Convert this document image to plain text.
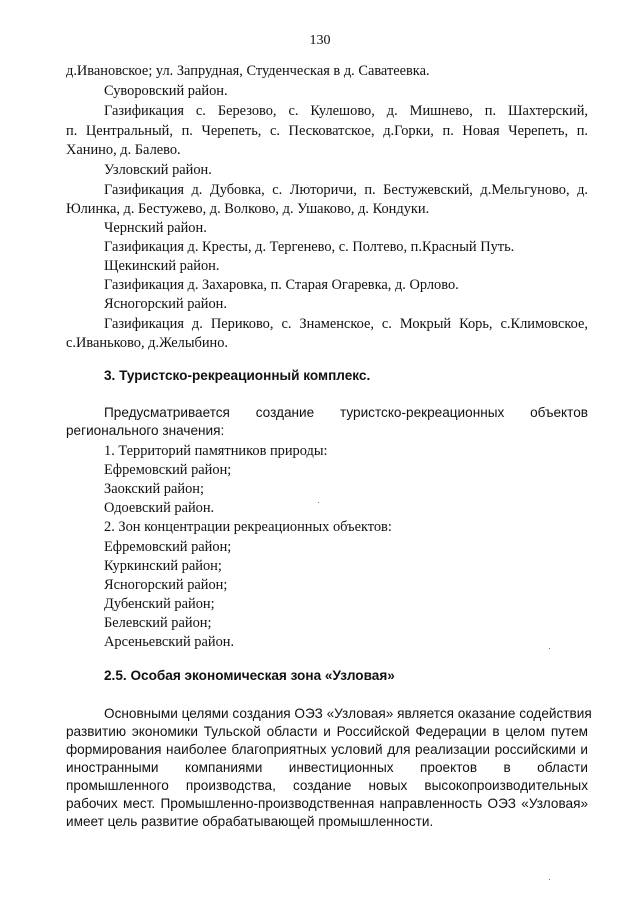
130
д.Ивановское; ул. Запрудная, Студенческая в д. Саватеевка.
Суворовский район.
Газификация с. Березово, с. Кулешово, д. Мишнево, п. Шахтерский,
п. Центральный, п. Черепеть, с. Песковатское, д.Горки, п. Новая Черепеть, п.
Ханино, д. Балево.
Узловский район.
Газификация д. Дубовка, с. Люторичи, п. Бестужевский, д.Мельгуново, д.
Юлинка, д. Бестужево, д. Волково, д. Ушаково, д. Кондуки.
Чернский район.
Газификация д. Кресты, д. Тергенево, с. Полтево, п.Красный Путь.
Щекинский район.
Газификация д. Захаровка, п. Старая Огаревка, д. Орлово.
Ясногорский район.
Газификация д. Периково, с. Знаменское, с. Мокрый Корь, с.Климовское,
с.Иваньково, д.Желыбино.
3. Туристско-рекреационный комплекс.
Предусматривается создание туристско-рекреационных объектов
регионального значения:
1. Территорий памятников природы:
Ефремовский район;
Заокский район;
Одоевский район.
2. Зон концентрации рекреационных объектов:
Ефремовский район;
Куркинский район;
Ясногорский район;
Дубенский район;
Белевский район;
Арсеньевский район.
2.5. Особая экономическая зона «Узловая»
Основными целями создания ОЭЗ «Узловая» является оказание содействия
развитию экономики Тульской области и Российской Федерации в целом путем
формирования наиболее благоприятных условий для реализации российскими и
иностранными компаниями инвестиционных проектов в области
промышленного производства, создание новых высокопроизводительных
рабочих мест. Промышленно-производственная направленность ОЭЗ «Узловая»
имеет цель развитие обрабатывающей промышленности.
